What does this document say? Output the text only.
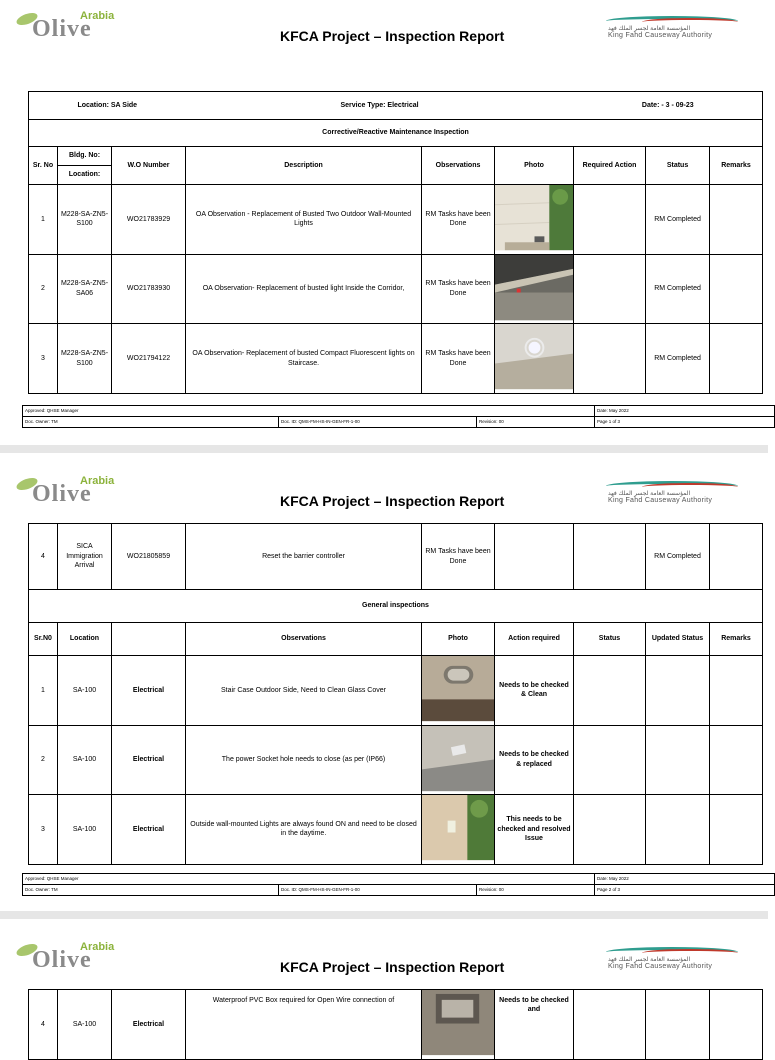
Olive
Arabia
KFCA Project – Inspection Report	المؤسسة العامة لجسر الملك فهد
King Fahd Causeway Authority
Location: SA Side			Service Type: Electrical			Date: - 3 - 09-23		
Corrective/Reactive Maintenance Inspection								
Sr. No	Bldg. No:	W.O Number	Description	Observations	Photo	Required Action	Status	Remarks
	Location:							
1	M228-SA-ZN5-S100	WO21783929	OA Observation - Replacement of Busted Two Outdoor Wall-Mounted Lights	RM Tasks have been Done			RM Completed	
2	M228-SA-ZN5-SA06	WO21783930	OA Observation- Replacement of busted light Inside the Corridor,	RM Tasks have been Done			RM Completed	
3	M228-SA-ZN5-S100	WO21794122	OA Observation- Replacement of busted Compact Fluorescent lights on Staircase.	RM Tasks have been Done			RM Completed	
Approved: QHSE Manager			Date: May 2022
Doc. Owner: TM	Doc. ID: QMS-FM-HS-IN-GEN-FR-1-00	Revision: 00	Page 1 of 3
Olive
Arabia
KFCA Project – Inspection Report	المؤسسة العامة لجسر الملك فهد
King Fahd Causeway Authority
4	SICA Immigration Arrival	WO21805859	Reset the barrier controller	RM Tasks have been Done			RM Completed	
General inspections								
Sr.N0	Location		Observations	Photo	Action required	Status	Updated Status	Remarks
1	SA-100	Electrical	Stair Case Outdoor Side, Need to Clean Glass Cover		Needs to be checked & Clean			
2	SA-100	Electrical	The power Socket hole needs to close (as per (IP66)		Needs to be checked & replaced			
3	SA-100	Electrical	Outside wall-mounted Lights are always found ON and need to be closed in the daytime.		This needs to be checked and resolved Issue			
Approved: QHSE Manager			Date: May 2022
Doc. Owner: TM	Doc. ID: QMS-FM-HS-IN-GEN-FR-1-00	Revision: 00	Page 2 of 3
Olive
Arabia
KFCA Project – Inspection Report	المؤسسة العامة لجسر الملك فهد
King Fahd Causeway Authority
4	SA-100	Electrical	Waterproof PVC Box required for Open Wire connection of		Needs to be checked and			
